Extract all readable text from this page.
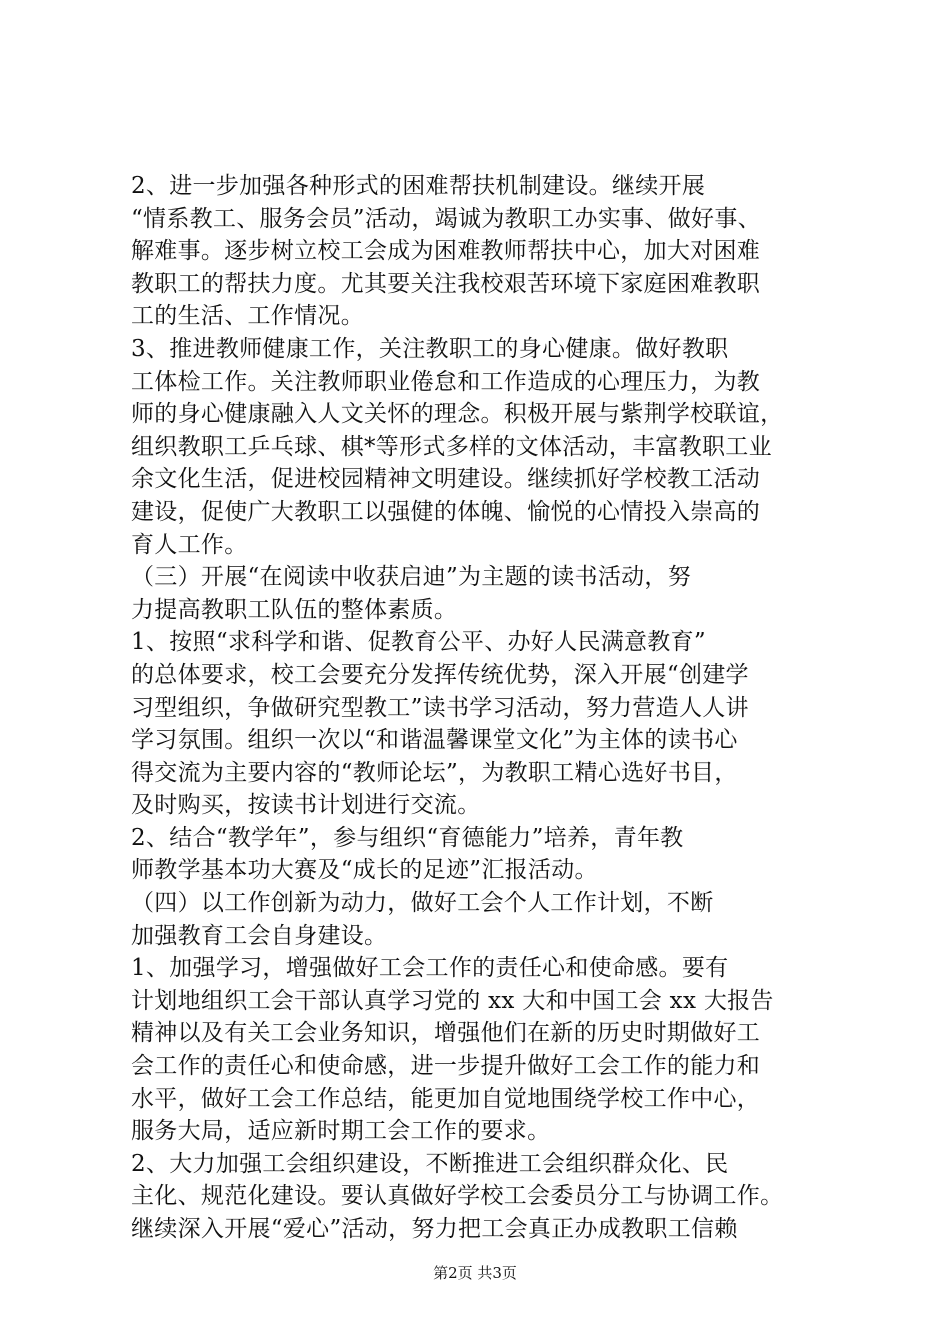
2、进一步加强各种形式的困难帮扶机制建设。继续开展
“情系教工、服务会员”活动，竭诚为教职工办实事、做好事、
解难事。逐步树立校工会成为困难教师帮扶中心，加大对困难
教职工的帮扶力度。尤其要关注我校艰苦环境下家庭困难教职
工的生活、工作情况。
3、推进教师健康工作，关注教职工的身心健康。做好教职
工体检工作。关注教师职业倦怠和工作造成的心理压力，为教
师的身心健康融入人文关怀的理念。积极开展与紫荆学校联谊，
组织教职工乒乓球、棋*等形式多样的文体活动，丰富教职工业
余文化生活，促进校园精神文明建设。继续抓好学校教工活动
建设，促使广大教职工以强健的体魄、愉悦的心情投入崇高的
育人工作。
（三）开展“在阅读中收获启迪”为主题的读书活动，努
力提高教职工队伍的整体素质。
1、按照“求科学和谐、促教育公平、办好人民满意教育”
的总体要求，校工会要充分发挥传统优势，深入开展“创建学
习型组织，争做研究型教工”读书学习活动，努力营造人人讲
学习氛围。组织一次以“和谐温馨课堂文化”为主体的读书心
得交流为主要内容的“教师论坛”，为教职工精心选好书目，
及时购买，按读书计划进行交流。
2、结合“教学年”，参与组织“育德能力”培养，青年教
师教学基本功大赛及“成长的足迹”汇报活动。
（四）以工作创新为动力，做好工会个人工作计划，不断
加强教育工会自身建设。
1、加强学习，增强做好工会工作的责任心和使命感。要有
计划地组织工会干部认真学习党的 xx 大和中国工会 xx 大报告
精神以及有关工会业务知识，增强他们在新的历史时期做好工
会工作的责任心和使命感，进一步提升做好工会工作的能力和
水平，做好工会工作总结，能更加自觉地围绕学校工作中心，
服务大局，适应新时期工会工作的要求。
2、大力加强工会组织建设，不断推进工会组织群众化、民
主化、规范化建设。要认真做好学校工会委员分工与协调工作。
继续深入开展“爱心”活动，努力把工会真正办成教职工信赖
第2页 共3页
